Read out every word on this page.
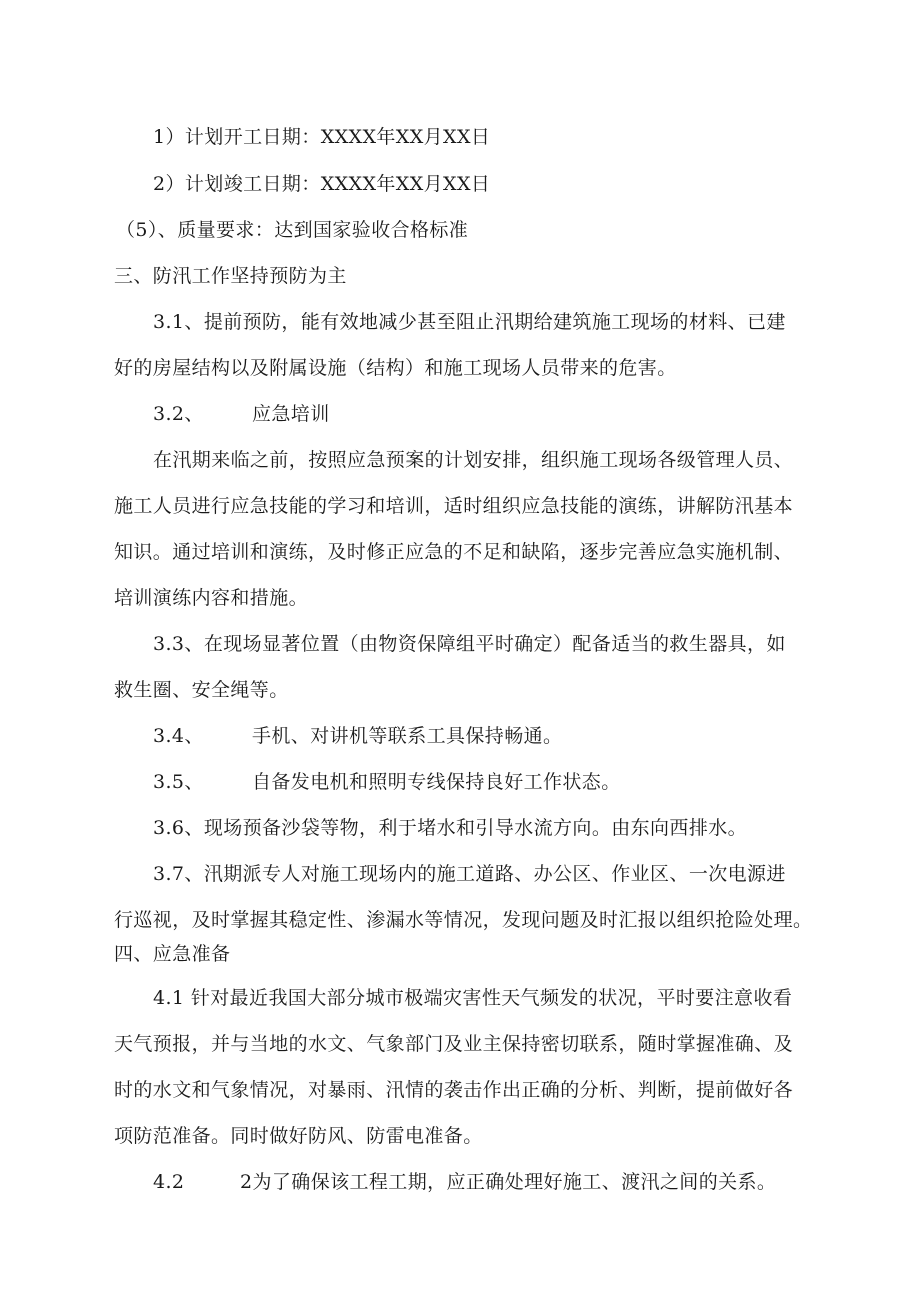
1）计划开工日期：XXXX年XX月XX日
2）计划竣工日期：XXXX年XX月XX日
（5）、质量要求：达到国家验收合格标准
三、防汛工作坚持预防为主
3.1、提前预防，能有效地减少甚至阻止汛期给建筑施工现场的材料、已建
好的房屋结构以及附属设施（结构）和施工现场人员带来的危害。
3.2、	应急培训
在汛期来临之前，按照应急预案的计划安排，组织施工现场各级管理人员、
施工人员进行应急技能的学习和培训，适时组织应急技能的演练，讲解防汛基本
知识。通过培训和演练，及时修正应急的不足和缺陷，逐步完善应急实施机制、
培训演练内容和措施。
3.3、在现场显著位置（由物资保障组平时确定）配备适当的救生器具，如
救生圈、安全绳等。
3.4、	手机、对讲机等联系工具保持畅通。
3.5、	自备发电机和照明专线保持良好工作状态。
3.6、现场预备沙袋等物，利于堵水和引导水流方向。由东向西排水。
3.7、汛期派专人对施工现场内的施工道路、办公区、作业区、一次电源进
行巡视，及时掌握其稳定性、渗漏水等情况，发现问题及时汇报以组织抢险处理。
四、应急准备
4.1 针对最近我国大部分城市极端灾害性天气频发的状况，平时要注意收看
天气预报，并与当地的水文、气象部门及业主保持密切联系，随时掌握准确、及
时的水文和气象情况，对暴雨、汛情的袭击作出正确的分析、判断，提前做好各
项防范准备。同时做好防风、防雷电准备。
4.2	2为了确保该工程工期，应正确处理好施工、渡汛之间的关系。
